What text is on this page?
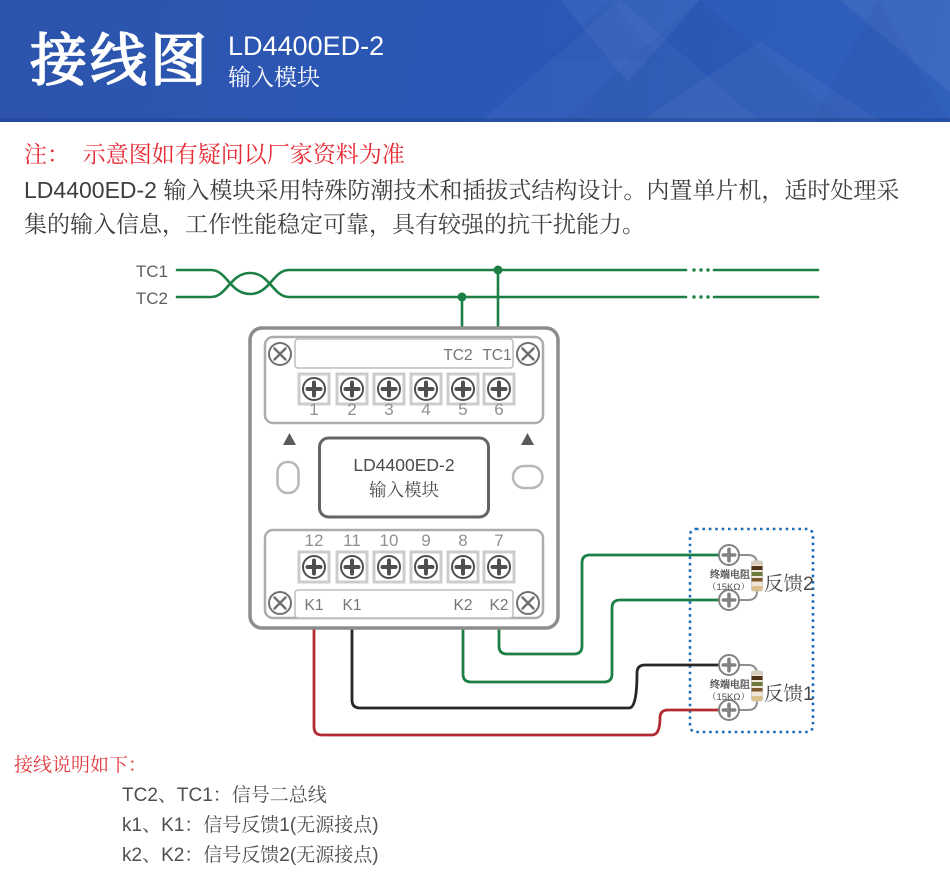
接线图 LD4400ED-2
输入模块
注：  示意图如有疑问以厂家资料为准
LD4400ED-2 输入模块采用特殊防潮技术和插拔式结构设计。内置单片机，适时处理采
集的输入信息，工作性能稳定可靠，具有较强的抗干扰能力。
TC1
TC2
TC2 TC1
1 2 3 4 5 6
LD4400ED-2
输入模块
12 11 10 9 8 7
K1 K1	K2 K2
终端电阻
（15KΩ） 反馈2
终端电阻
（15KΩ） 反馈1
接线说明如下：
TC2、TC1：信号二总线
k1、K1：信号反馈1(无源接点)
k2、K2：信号反馈2(无源接点)
